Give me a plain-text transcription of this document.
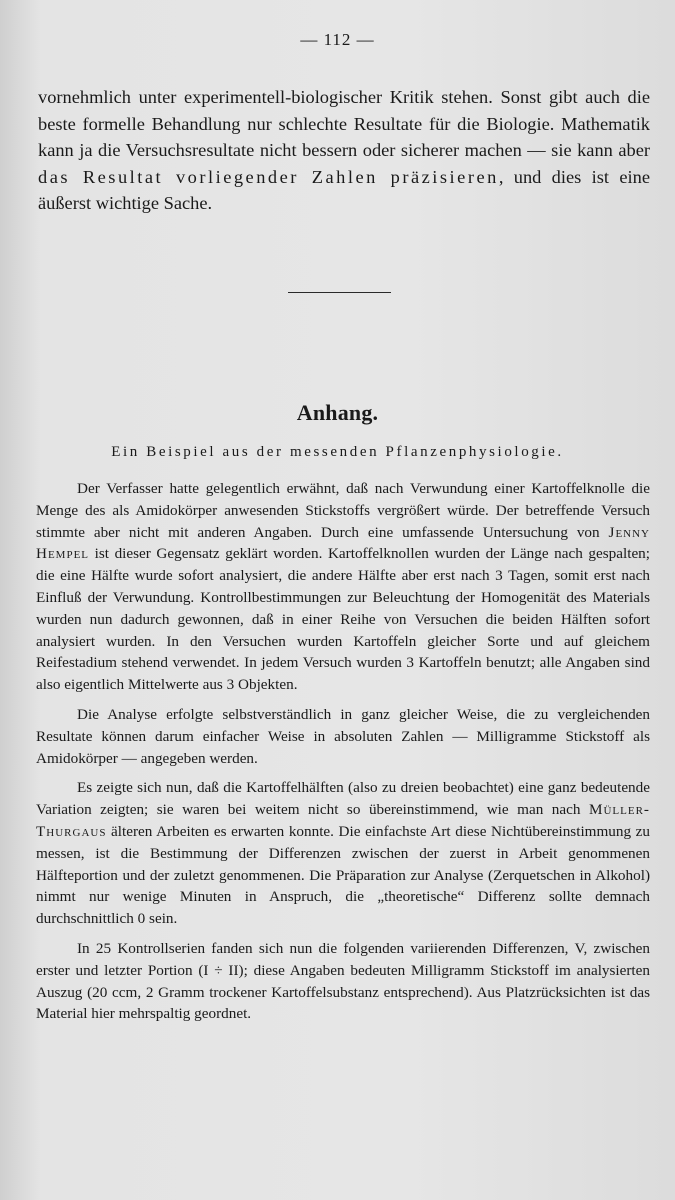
— 112 —
vornehmlich unter experimentell-biologischer Kritik stehen. Sonst gibt auch die beste formelle Behandlung nur schlechte Resultate für die Biologie. Mathematik kann ja die Versuchsresultate nicht bessern oder sicherer machen — sie kann aber das Resultat vorliegender Zahlen präzisieren, und dies ist eine äußerst wichtige Sache.
Anhang.
Ein Beispiel aus der messenden Pflanzenphysiologie.

Der Verfasser hatte gelegentlich erwähnt, daß nach Verwundung einer Kartoffelknolle die Menge des als Amidokörper anwesenden Stickstoffs vergrößert würde. Der betreffende Versuch stimmte aber nicht mit anderen Angaben. Durch eine umfassende Untersuchung von Jenny Hempel ist dieser Gegensatz geklärt worden. Kartoffelknollen wurden der Länge nach gespalten; die eine Hälfte wurde sofort analysiert, die andere Hälfte aber erst nach 3 Tagen, somit erst nach Einfluß der Verwundung. Kontrollbestimmungen zur Beleuchtung der Homogenität des Materials wurden nun dadurch gewonnen, daß in einer Reihe von Versuchen die beiden Hälften sofort analysiert wurden. In den Versuchen wurden Kartoffeln gleicher Sorte und auf gleichem Reifestadium stehend verwendet. In jedem Versuch wurden 3 Kartoffeln benutzt; alle Angaben sind also eigentlich Mittelwerte aus 3 Objekten.

Die Analyse erfolgte selbstverständlich in ganz gleicher Weise, die zu vergleichenden Resultate können darum einfacher Weise in absoluten Zahlen — Milligramme Stickstoff als Amidokörper — angegeben werden.

Es zeigte sich nun, daß die Kartoffelhälften (also zu dreien beobachtet) eine ganz bedeutende Variation zeigten; sie waren bei weitem nicht so übereinstimmend, wie man nach Müller-Thurgaus älteren Arbeiten es erwarten konnte. Die einfachste Art diese Nichtübereinstimmung zu messen, ist die Bestimmung der Differenzen zwischen der zuerst in Arbeit genommenen Hälfteportion und der zuletzt genommenen. Die Präparation zur Analyse (Zerquetschen in Alkohol) nimmt nur wenige Minuten in Anspruch, die „theoretische“ Differenz sollte demnach durchschnittlich 0 sein.

In 25 Kontrollserien fanden sich nun die folgenden variierenden Differenzen, V, zwischen erster und letzter Portion (I ÷ II); diese Angaben bedeuten Milligramm Stickstoff im analysierten Auszug (20 ccm, 2 Gramm trockener Kartoffelsubstanz entsprechend). Aus Platzrücksichten ist das Material hier mehrspaltig geordnet.
